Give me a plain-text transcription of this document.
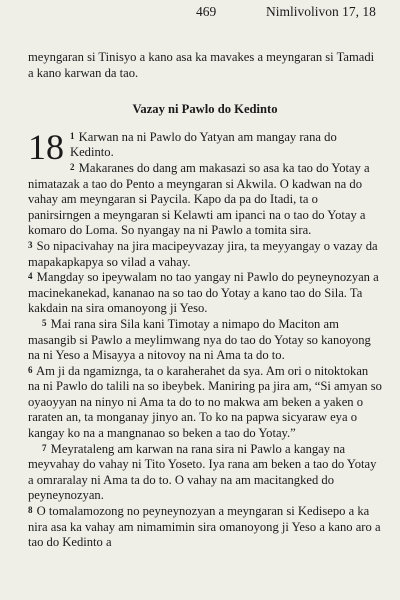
469	Nimlivolivon 17, 18

meyngaran si Tinisyo a kano asa ka mavakes a meyngaran si Tamadi a kano karwan da tao.

Vazay ni Pawlo do Kedinto

18 $^1$ Karwan na ni Pawlo do Yatyan am mangay rana do Kedinto.

$^2$ Makaranes do dang am makasazi so asa ka tao do Yotay a nimatazak a tao do Pento a meyngaran si Akwila. O kadwan na do vahay am meyngaran si Paycila. Kapo da pa do Itadi, ta o panirsirngen a meyngaran si Kelawti am ipanci na o tao do Yotay a komaro do Loma. So nyangay na ni Pawlo a tomita sira.

$^3$ So nipacivahay na jira macipeyvazay jira, ta meyyangay o vazay da mapakapkapya so vilad a vahay.

$^4$ Mangday so ipeywalam no tao yangay ni Pawlo do peyneynozyan a macinekanekad, kananao na so tao do Yotay a kano tao do Sila. Ta kakdain na sira omanoyong ji Yeso.

$^5$ Mai rana sira Sila kani Timotay a nimapo do Maciton am masangib si Pawlo a meylimwang nya do tao do Yotay so kanoyong na ni Yeso a Misayya a nitovoy na ni Ama ta do to.

$^6$ Am ji da ngamiznga, ta o karaherahet da sya. Am ori o nitoktokan na ni Pawlo do talili na so ibeybek. Maniring pa jira am, “Si amyan so oyaoyyan na ninyo ni Ama ta do to no makwa am beken a yaken o raraten an, ta monganay jinyo an. To ko na papwa sicyaraw eya o kangay ko na a mangnanao so beken a tao do Yotay.”

$^7$ Meyrataleng am karwan na rana sira ni Pawlo a kangay na meyvahay do vahay ni Tito Yoseto. Iya rana am beken a tao do Yotay a omraralay ni Ama ta do to. O vahay na am macitangked do peyneynozyan.

$^8$ O tomalamozong no peyneynozyan a meyngaran si Kedisepo a ka nira asa ka vahay am nimamimin sira omanoyong ji Yeso a kano aro a tao do Kedinto a
